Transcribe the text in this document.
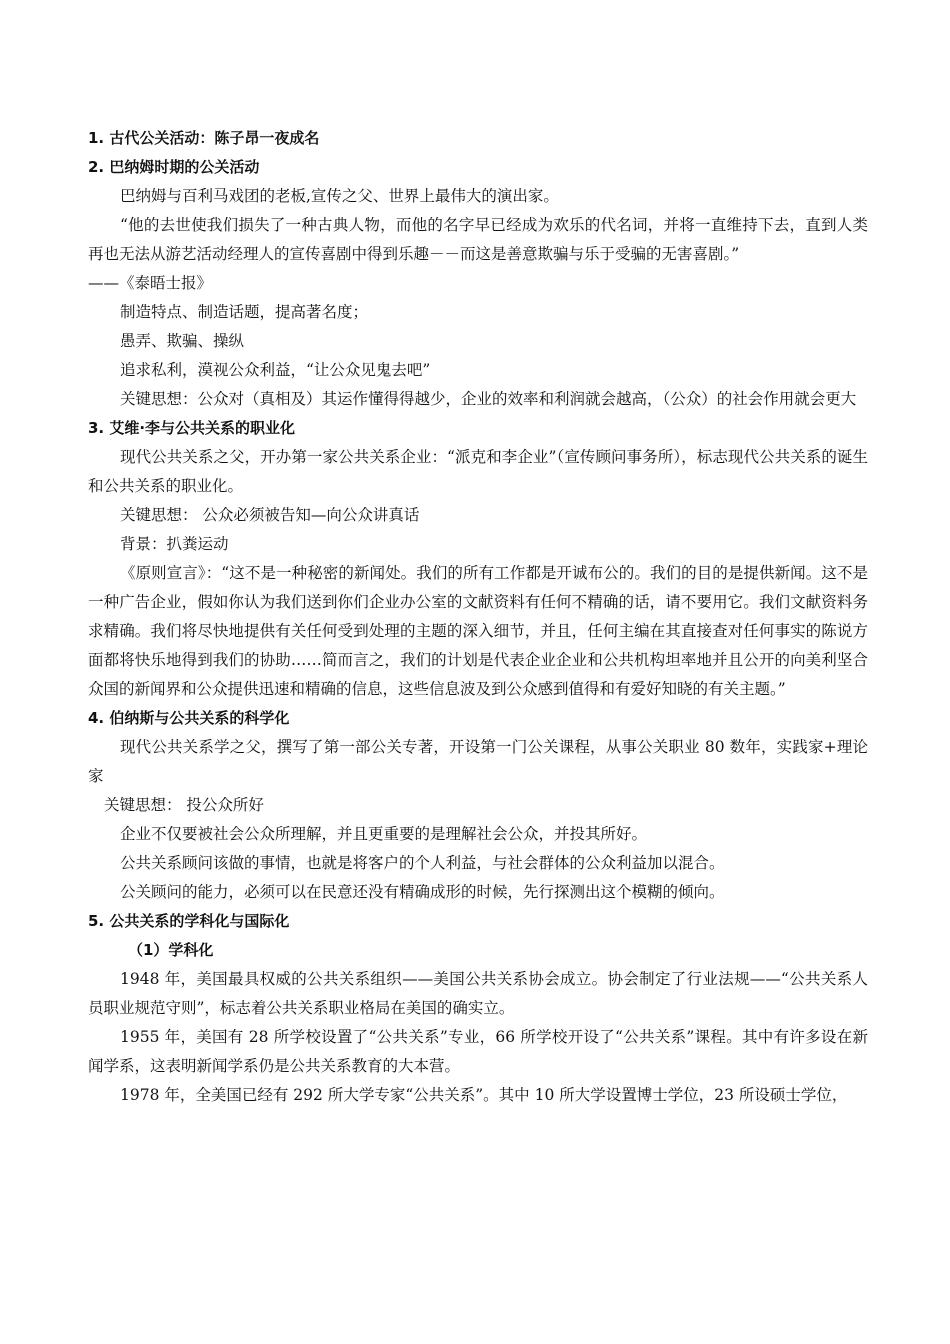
1. 古代公关活动：陈子昂一夜成名
2. 巴纳姆时期的公关活动
巴纳姆与百利马戏团的老板,宣传之父、世界上最伟大的演出家。
“他的去世使我们损失了一种古典人物，而他的名字早已经成为欢乐的代名词，并将一直维持下去，直到人类再也无法从游艺活动经理人的宣传喜剧中得到乐趣－－而这是善意欺骗与乐于受骗的无害喜剧。”
——《泰晤士报》
制造特点、制造话题，提高著名度；
愚弄、欺骗、操纵
追求私利，漠视公众利益，“让公众见鬼去吧”
关键思想：公众对（真相及）其运作懂得得越少，企业的效率和利润就会越高，（公众）的社会作用就会更大
3. 艾维·李与公共关系的职业化
现代公共关系之父，开办第一家公共关系企业：“派克和李企业”（宣传顾问事务所），标志现代公共关系的诞生和公共关系的职业化。
关键思想： 公众必须被告知—向公众讲真话
背景：扒粪运动
《原则宣言》：“这不是一种秘密的新闻处。我们的所有工作都是开诚布公的。我们的目的是提供新闻。这不是一种广告企业，假如你认为我们送到你们企业办公室的文献资料有任何不精确的话，请不要用它。我们文献资料务求精确。我们将尽快地提供有关任何受到处理的主题的深入细节，并且，任何主编在其直接查对任何事实的陈说方面都将快乐地得到我们的协助……简而言之，我们的计划是代表企业企业和公共机构坦率地并且公开的向美利坚合众国的新闻界和公众提供迅速和精确的信息，这些信息波及到公众感到值得和有爱好知晓的有关主题。”
4. 伯纳斯与公共关系的科学化
现代公共关系学之父，撰写了第一部公关专著，开设第一门公关课程，从事公关职业 80 数年，实践家+理论家
关键思想： 投公众所好
企业不仅要被社会公众所理解，并且更重要的是理解社会公众，并投其所好。
公共关系顾问该做的事情，也就是将客户的个人利益，与社会群体的公众利益加以混合。
公关顾问的能力，必须可以在民意还没有精确成形的时候，先行探测出这个模糊的倾向。
5. 公共关系的学科化与国际化
（1）学科化
1948 年，美国最具权威的公共关系组织——美国公共关系协会成立。协会制定了行业法规——“公共关系人员职业规范守则”，标志着公共关系职业格局在美国的确实立。
1955 年，美国有 28 所学校设置了“公共关系”专业，66 所学校开设了“公共关系”课程。其中有许多设在新闻学系，这表明新闻学系仍是公共关系教育的大本营。
1978 年，全美国已经有 292 所大学专家“公共关系”。其中 10 所大学设置博士学位，23 所设硕士学位，
